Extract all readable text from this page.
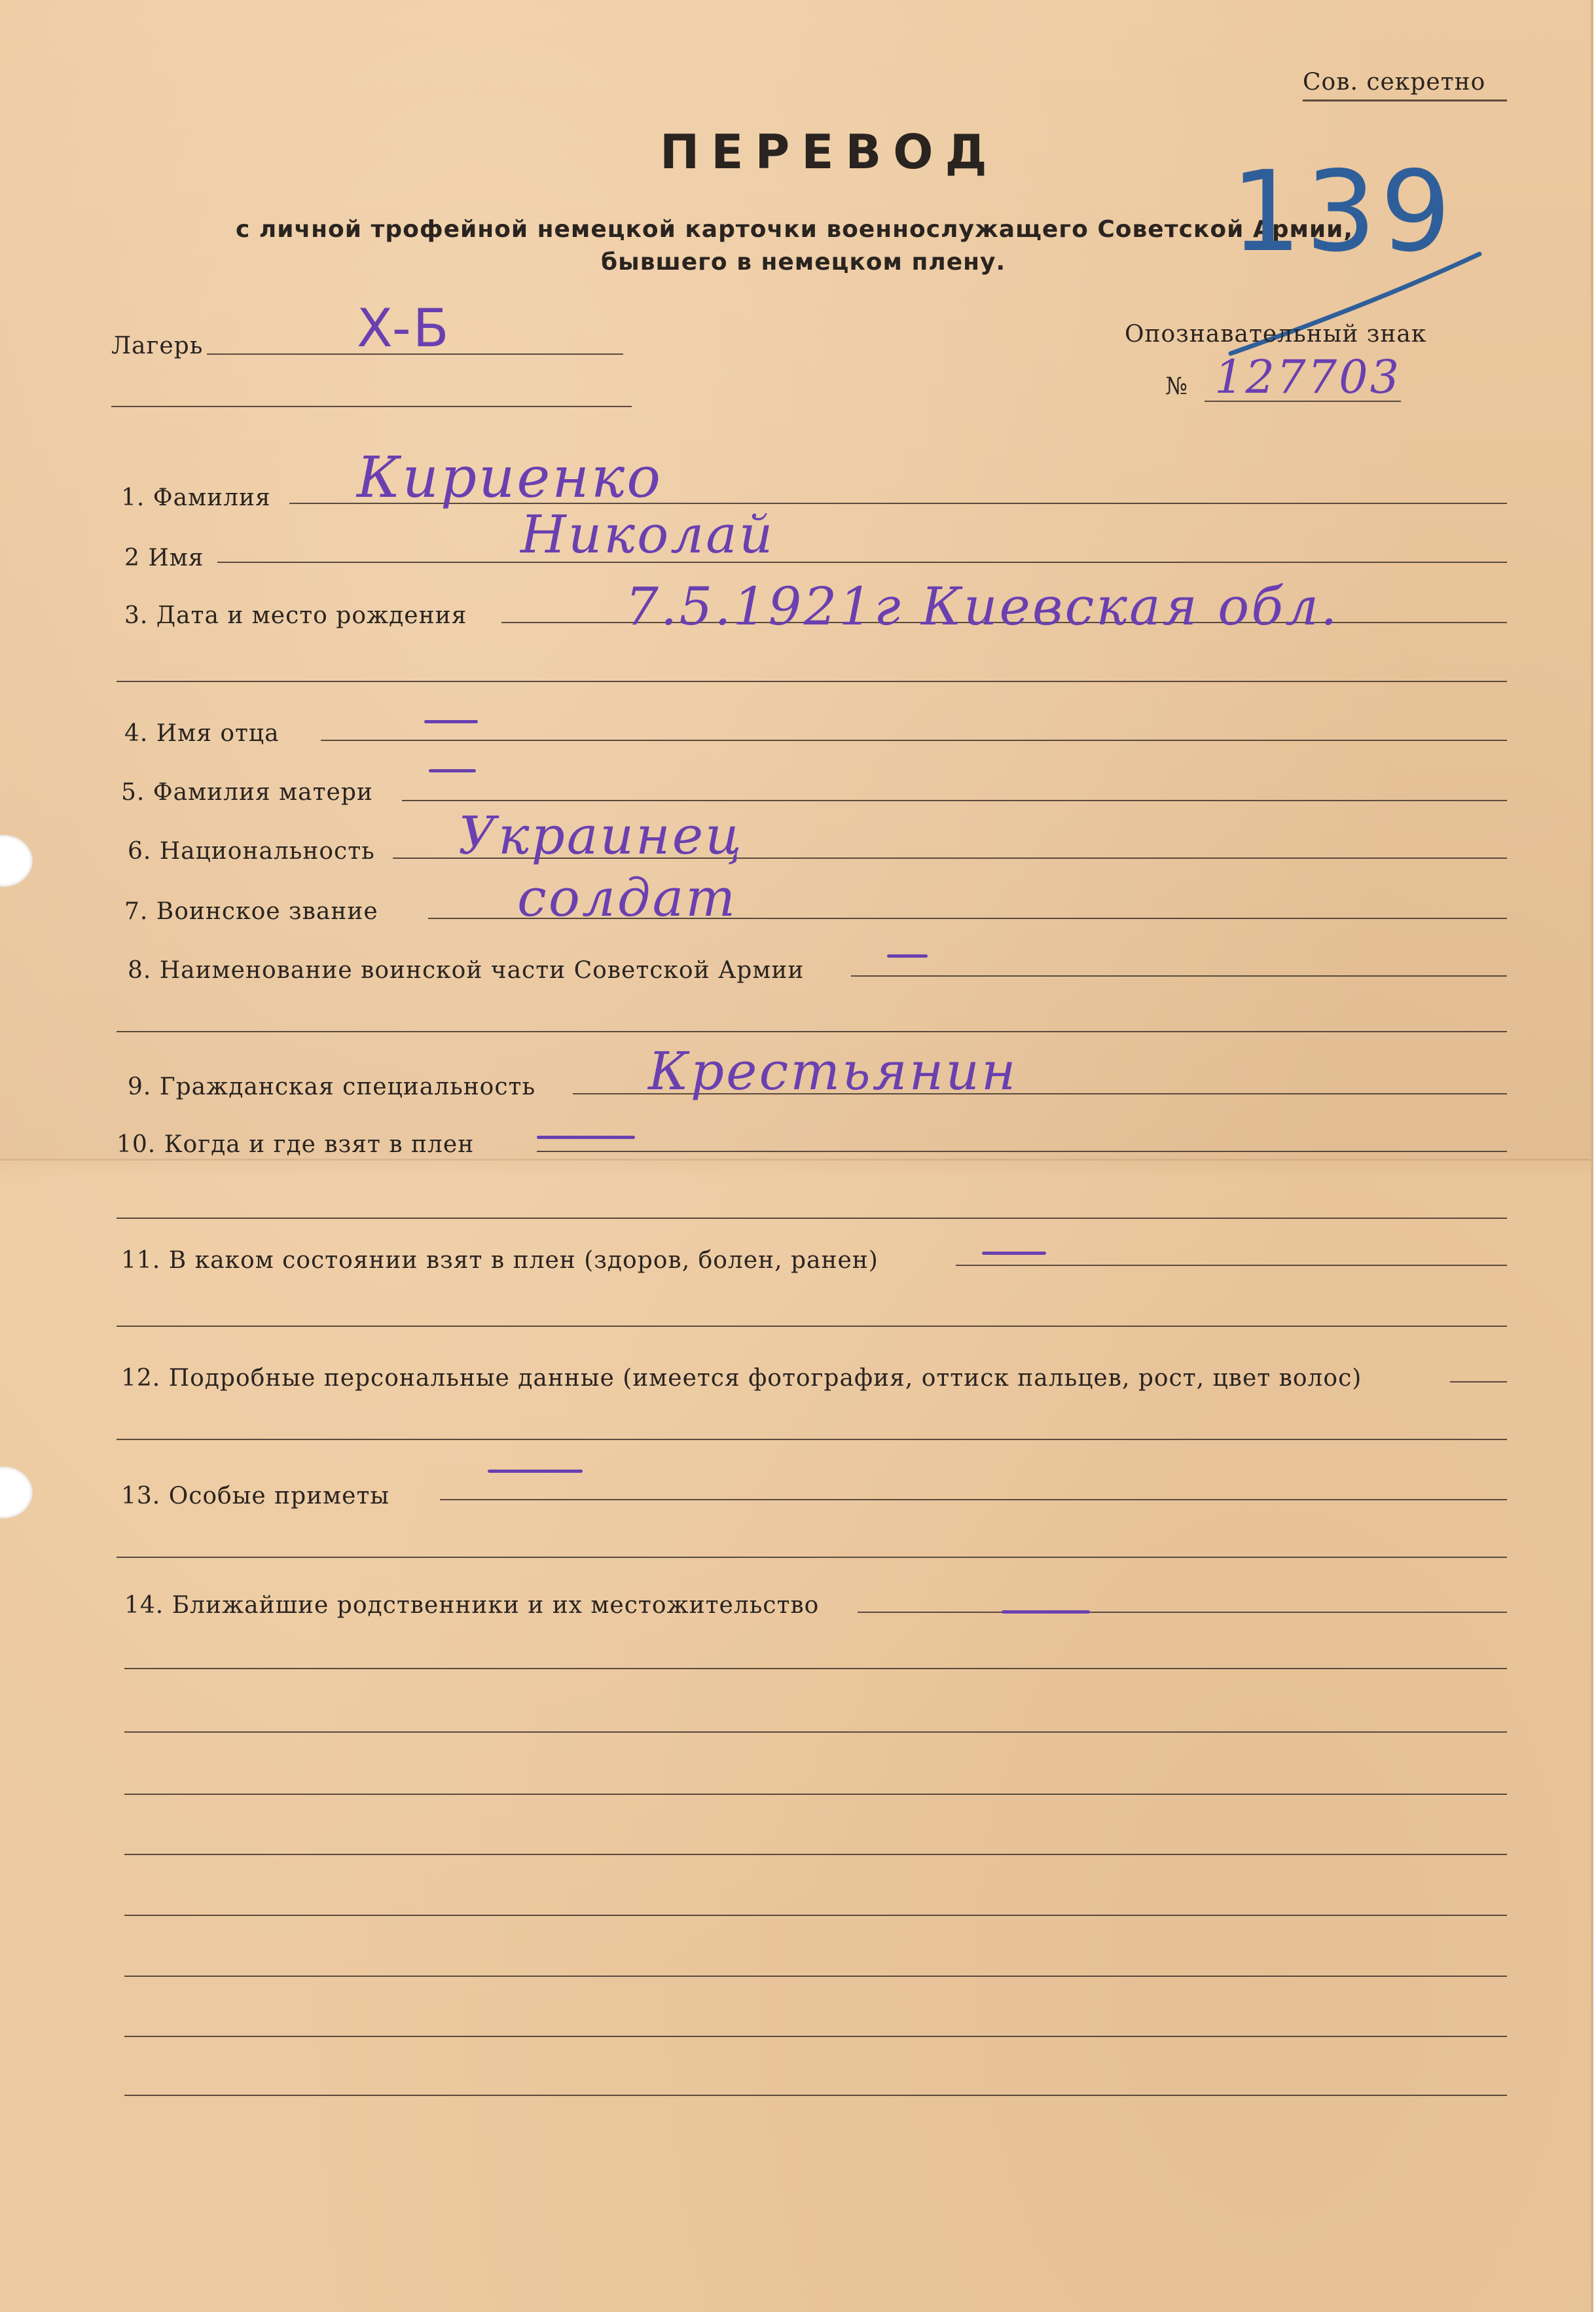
Сов. секретно
ПЕРЕВОД
с личной трофейной немецкой карточки военнослужащего Советской Армии,
бывшего в немецком плену. 139
Лагерь	X-Б	Опознавательный знак
№ 127703
1. Фамилия Кириенко
2 Имя	Николай
3. Дата и место рождения	7.5.1921г Киевская обл.
4. Имя отца
5. Фамилия матери
6. Национальность Украинец
7. Воинское звание	солдат
8. Наименование воинской части Советской Армии
9. Гражданская специальность Крестьянин
10. Когда и где взят в плен
11. В каком состоянии взят в плен (здоров, болен, ранен)
12. Подробные персональные данные (имеется фотография, оттиск пальцев, рост, цвет волос)
13. Особые приметы
14. Ближайшие родственники и их местожительство
